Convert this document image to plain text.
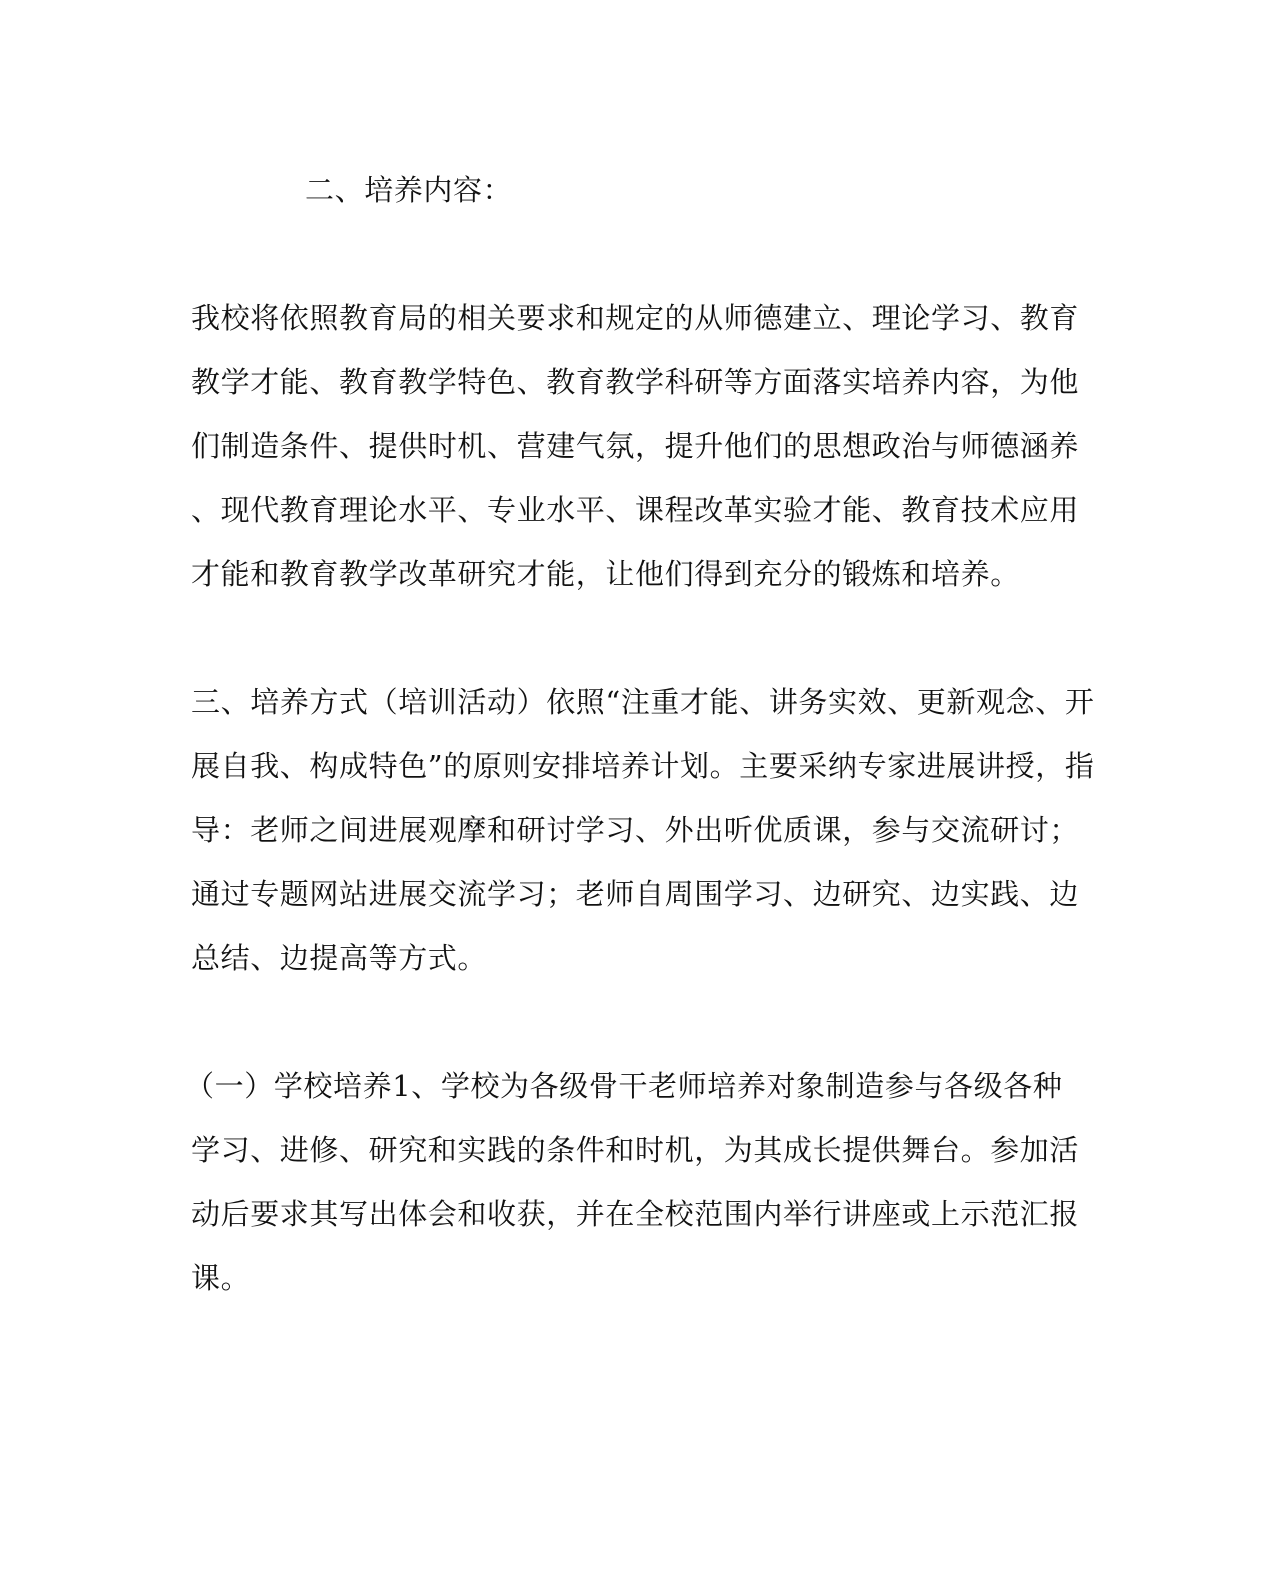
二、培养内容：
我校将依照教育局的相关要求和规定的从师德建立、理论学习、教育
教学才能、教育教学特色、教育教学科研等方面落实培养内容，为他
们制造条件、提供时机、营建气氛，提升他们的思想政治与师德涵养
、现代教育理论水平、专业水平、课程改革实验才能、教育技术应用
才能和教育教学改革研究才能，让他们得到充分的锻炼和培养。
三、培养方式（培训活动）依照“注重才能、讲务实效、更新观念、开
展自我、构成特色”的原则安排培养计划。主要采纳专家进展讲授，指
导：老师之间进展观摩和研讨学习、外出听优质课，参与交流研讨；
通过专题网站进展交流学习；老师自周围学习、边研究、边实践、边
总结、边提高等方式。
（一）学校培养1、学校为各级骨干老师培养对象制造参与各级各种
学习、进修、研究和实践的条件和时机，为其成长提供舞台。参加活
动后要求其写出体会和收获，并在全校范围内举行讲座或上示范汇报
课。
